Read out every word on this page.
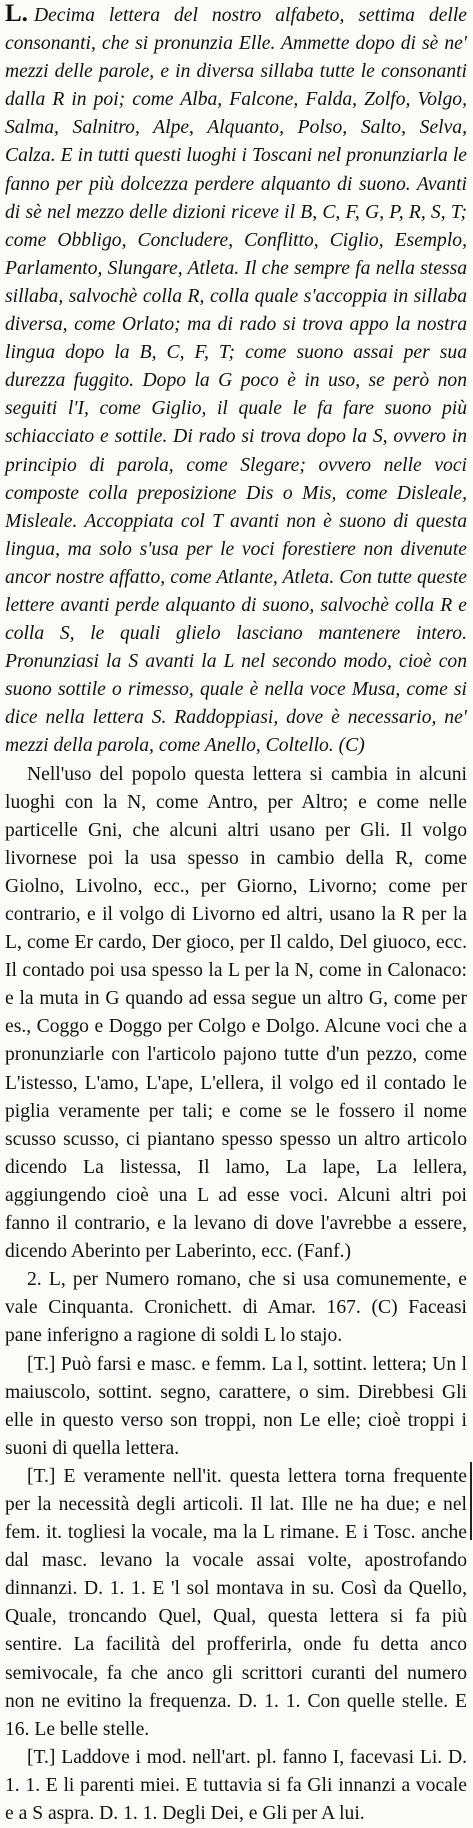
L. Decima lettera del nostro alfabeto, settima delle consonanti, che si pronunzia Elle. Ammette dopo di sè ne' mezzi delle parole, e in diversa sillaba tutte le consonanti dalla R in poi; come Alba, Falcone, Falda, Zolfo, Volgo, Salma, Salnitro, Alpe, Alquanto, Polso, Salto, Selva, Calza. E in tutti questi luoghi i Toscani nel pronunziarla le fanno per più dolcezza perdere alquanto di suono. Avanti di sè nel mezzo delle dizioni riceve il B, C, F, G, P, R, S, T; come Obbligo, Concludere, Conflitto, Ciglio, Esemplo, Parlamento, Slungare, Atleta. Il che sempre fa nella stessa sillaba, salvochè colla R, colla quale s'accoppia in sillaba diversa, come Orlato; ma di rado si trova appo la nostra lingua dopo la B, C, F, T; come suono assai per sua durezza fuggito. Dopo la G poco è in uso, se però non seguiti l'I, come Giglio, il quale le fa fare suono più schiacciato e sottile. Di rado si trova dopo la S, ovvero in principio di parola, come Slegare; ovvero nelle voci composte colla preposizione Dis o Mis, come Disleale, Misleale. Accoppiata col T avanti non è suono di questa lingua, ma solo s'usa per le voci forestiere non divenute ancor nostre affatto, come Atlante, Atleta. Con tutte queste lettere avanti perde alquanto di suono, salvochè colla R e colla S, le quali glielo lasciano mantenere intero. Pronunziasi la S avanti la L nel secondo modo, cioè con suono sottile o rimesso, quale è nella voce Musa, come si dice nella lettera S. Raddoppiasi, dove è necessario, ne' mezzi della parola, come Anello, Coltello. (C)

Nell'uso del popolo questa lettera si cambia in alcuni luoghi con la N, come Antro, per Altro; e come nelle particelle Gni, che alcuni altri usano per Gli. Il volgo livornese poi la usa spesso in cambio della R, come Giolno, Livolno, ecc., per Giorno, Livorno; come per contrario, e il volgo di Livorno ed altri, usano la R per la L, come Er cardo, Der gioco, per Il caldo, Del giuoco, ecc. Il contado poi usa spesso la L per la N, come in Calonaco: e la muta in G quando ad essa segue un altro G, come per es., Coggo e Doggo per Colgo e Dolgo. Alcune voci che a pronunziarle con l'articolo pajono tutte d'un pezzo, come L'istesso, L'amo, L'ape, L'ellera, il volgo ed il contado le piglia veramente per tali; e come se le fossero il nome scusso scusso, ci piantano spesso spesso un altro articolo dicendo La listessa, Il lamo, La lape, La lellera, aggiungendo cioè una L ad esse voci. Alcuni altri poi fanno il contrario, e la levano di dove l'avrebbe a essere, dicendo Aberinto per Laberinto, ecc. (Fanf.)

2. L, per Numero romano, che si usa comunemente, e vale Cinquanta. Cronichett. di Amar. 167. (C) Faceasi pane inferigno a ragione di soldi L lo stajo.

[T.] Può farsi e masc. e femm. La l, sottint. lettera; Un l maiuscolo, sottint. segno, carattere, o sim. Direbbesi Gli elle in questo verso son troppi, non Le elle; cioè troppi i suoni di quella lettera.

[T.] E veramente nell'it. questa lettera torna frequente per la necessità degli articoli. Il lat. Ille ne ha due; e nel fem. it. togliesi la vocale, ma la L rimane. E i Tosc. anche dal masc. levano la vocale assai volte, apostrofando dinnanzi. D. 1. 1. E 'l sol montava in su. Così da Quello, Quale, troncando Quel, Qual, questa lettera si fa più sentire. La facilità del profferirla, onde fu detta anco semivocale, fa che anco gli scrittori curanti del numero non ne evitino la frequenza. D. 1. 1. Con quelle stelle. E 16. Le belle stelle.

[T.] Laddove i mod. nell'art. pl. fanno I, facevasi Li. D. 1. 1. E li parenti miei. E tuttavia si fa Gli innanzi a vocale e a S aspra. D. 1. 1. Degli Dei, e Gli per A lui.
